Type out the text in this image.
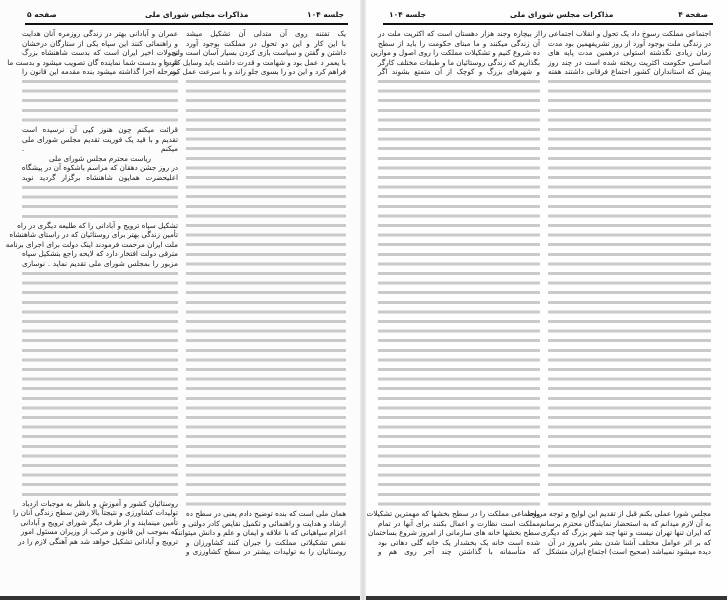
صفحه ۵	مذاکرات مجلس شورای ملی	جلسه ۱۰۴
عمران و آبادانی بهتر در زندگی روزمره آنان هدایت
و راهنمائی کنند این سپاه یکی از ستارگان درخشان
تحولات اخیر ایران است که بدست شاهنشاه بزرگ
شده و بدست شما نماینده گان تصویب میشود و بدست ما
بمرحله اجرا گذاشته میشود بنده مقدمه این قانون را
قرائت میکنم چون هنوز کپی آن نرسیده است
تقدیم و با قید یک فوریت تقدیم مجلس شورای ملی
میکنم .
ریاست محترم مجلس شورای ملی
در روز جشن دهقان که مراسم باشکوه آن در پیشگاه
اعلیحضرت همایون شاهنشاه برگزار گردید نوید
تشکیل سپاه ترویج و آبادانی را که طلیعه دیگری در راه
تأمین زندگی بهتر برای روستائیان که در راستای شاهنشاه
ملت ایران مرحمت فرمودند اینک دولت برای اجرای برنامه
مترقی دولت افتخار دارد که لایحه راجع بتشکیل سپاه
مزبور را بمجلس شورای ملی تقدیم نماید . نوسازی
روستائیان کشور و آموزش و بانظر به موجبات ازدیاد
تولیدات کشاورزی و نتیجتاً بالا رفتن سطح زندگی آنان را
تأمین مینمایند و از طرف دیگر شورای ترویج و آبادانی
که بموجب این قانون و مرکب از وزیران مسئول امور
ترویج و آبادانی تشکیل خواهد شد هم آهنگی لازم را در
یک تفتنه روی آن متدلی آن تشکیل میشد
با این کار و این دو تحول در مملکت بوجود آورد
داشتن و گفتن و سیاست بازی کردن بسیار آسان است ولی
با یعمر د عمل بود و شهامت و قدرت داشت باید وسایل کار را
فراهم کرد و این دو را بسوی جلو راند و با سرعت عمل کرد
همان ملی است که بنده توضیح دادم یعنی در سطح ده
ارشاد و هدایت و راهنمائی و تکمیل نقایص کادر دولتی و
اعزام سپاهیانی که با علاقه و ایمان و علم و دانش میتوانند
نقص تشکیلاتی مملکت را جبران کنند کشاورزان و
روستائیان را به تولیدات بیشتر در سطح کشاورزی و
جلسه ۱۰۴	مذاکرات مجلس شورای ملی	صفحه ۴
از بیچاره وجند هزار دهستان است که اکثریت ملت در
آن زندگی میکنند و ما مبنای حکومت را باید از سطح
ده شروع کنیم و تشکیلات مملکت را روی اصول و موازین
بگذاریم که زندگی روستائیان ما و طبقات مختلف کارگر
و شهرهای بزرگ و کوچک از آن متمتع بشوند اگر
واجتماعی مملکت را در سطح بخشها که مهمترین تشکیلات
مملکت است نظارت و اعمال بکنند برای آنها در تمام
سطح بخشها خانه های سازمانی از امروز شروع بساختمان
شده است خانه یک بخشدار یک خانه گلی دهاتی بود
که متأسفانه با گذاشتن چند آجر روی هم و
اجتماعی مملکت رسوخ داد یک تحول و انقلاب اجتماعی را
در زندگی ملت بوجود آورد از روز تشریفهمین بود مدت
زمان زیادی نگذشته استولی درهمین مدت پایه های
اساسی حکومت اکثریت ریخته شده است در چند روز
پیش که استانداران کشور اجتماع فرقانی داشتند هفته
مجلس شورا عملی بکنم قبل از تقدیم این لوایح و توجه مربوط
به آن لازم میدانم که به استحضار نمایندگان محترم برسانم
که ایران تنها تهران نیست و تنها چند شهر بزرگ که دیگری
که بر اثر عوامل مختلف آشنا شدن بشر بامروز در آن
دیده میشود نمیباشد (صحیح است) اجتماع ایران متشکل
